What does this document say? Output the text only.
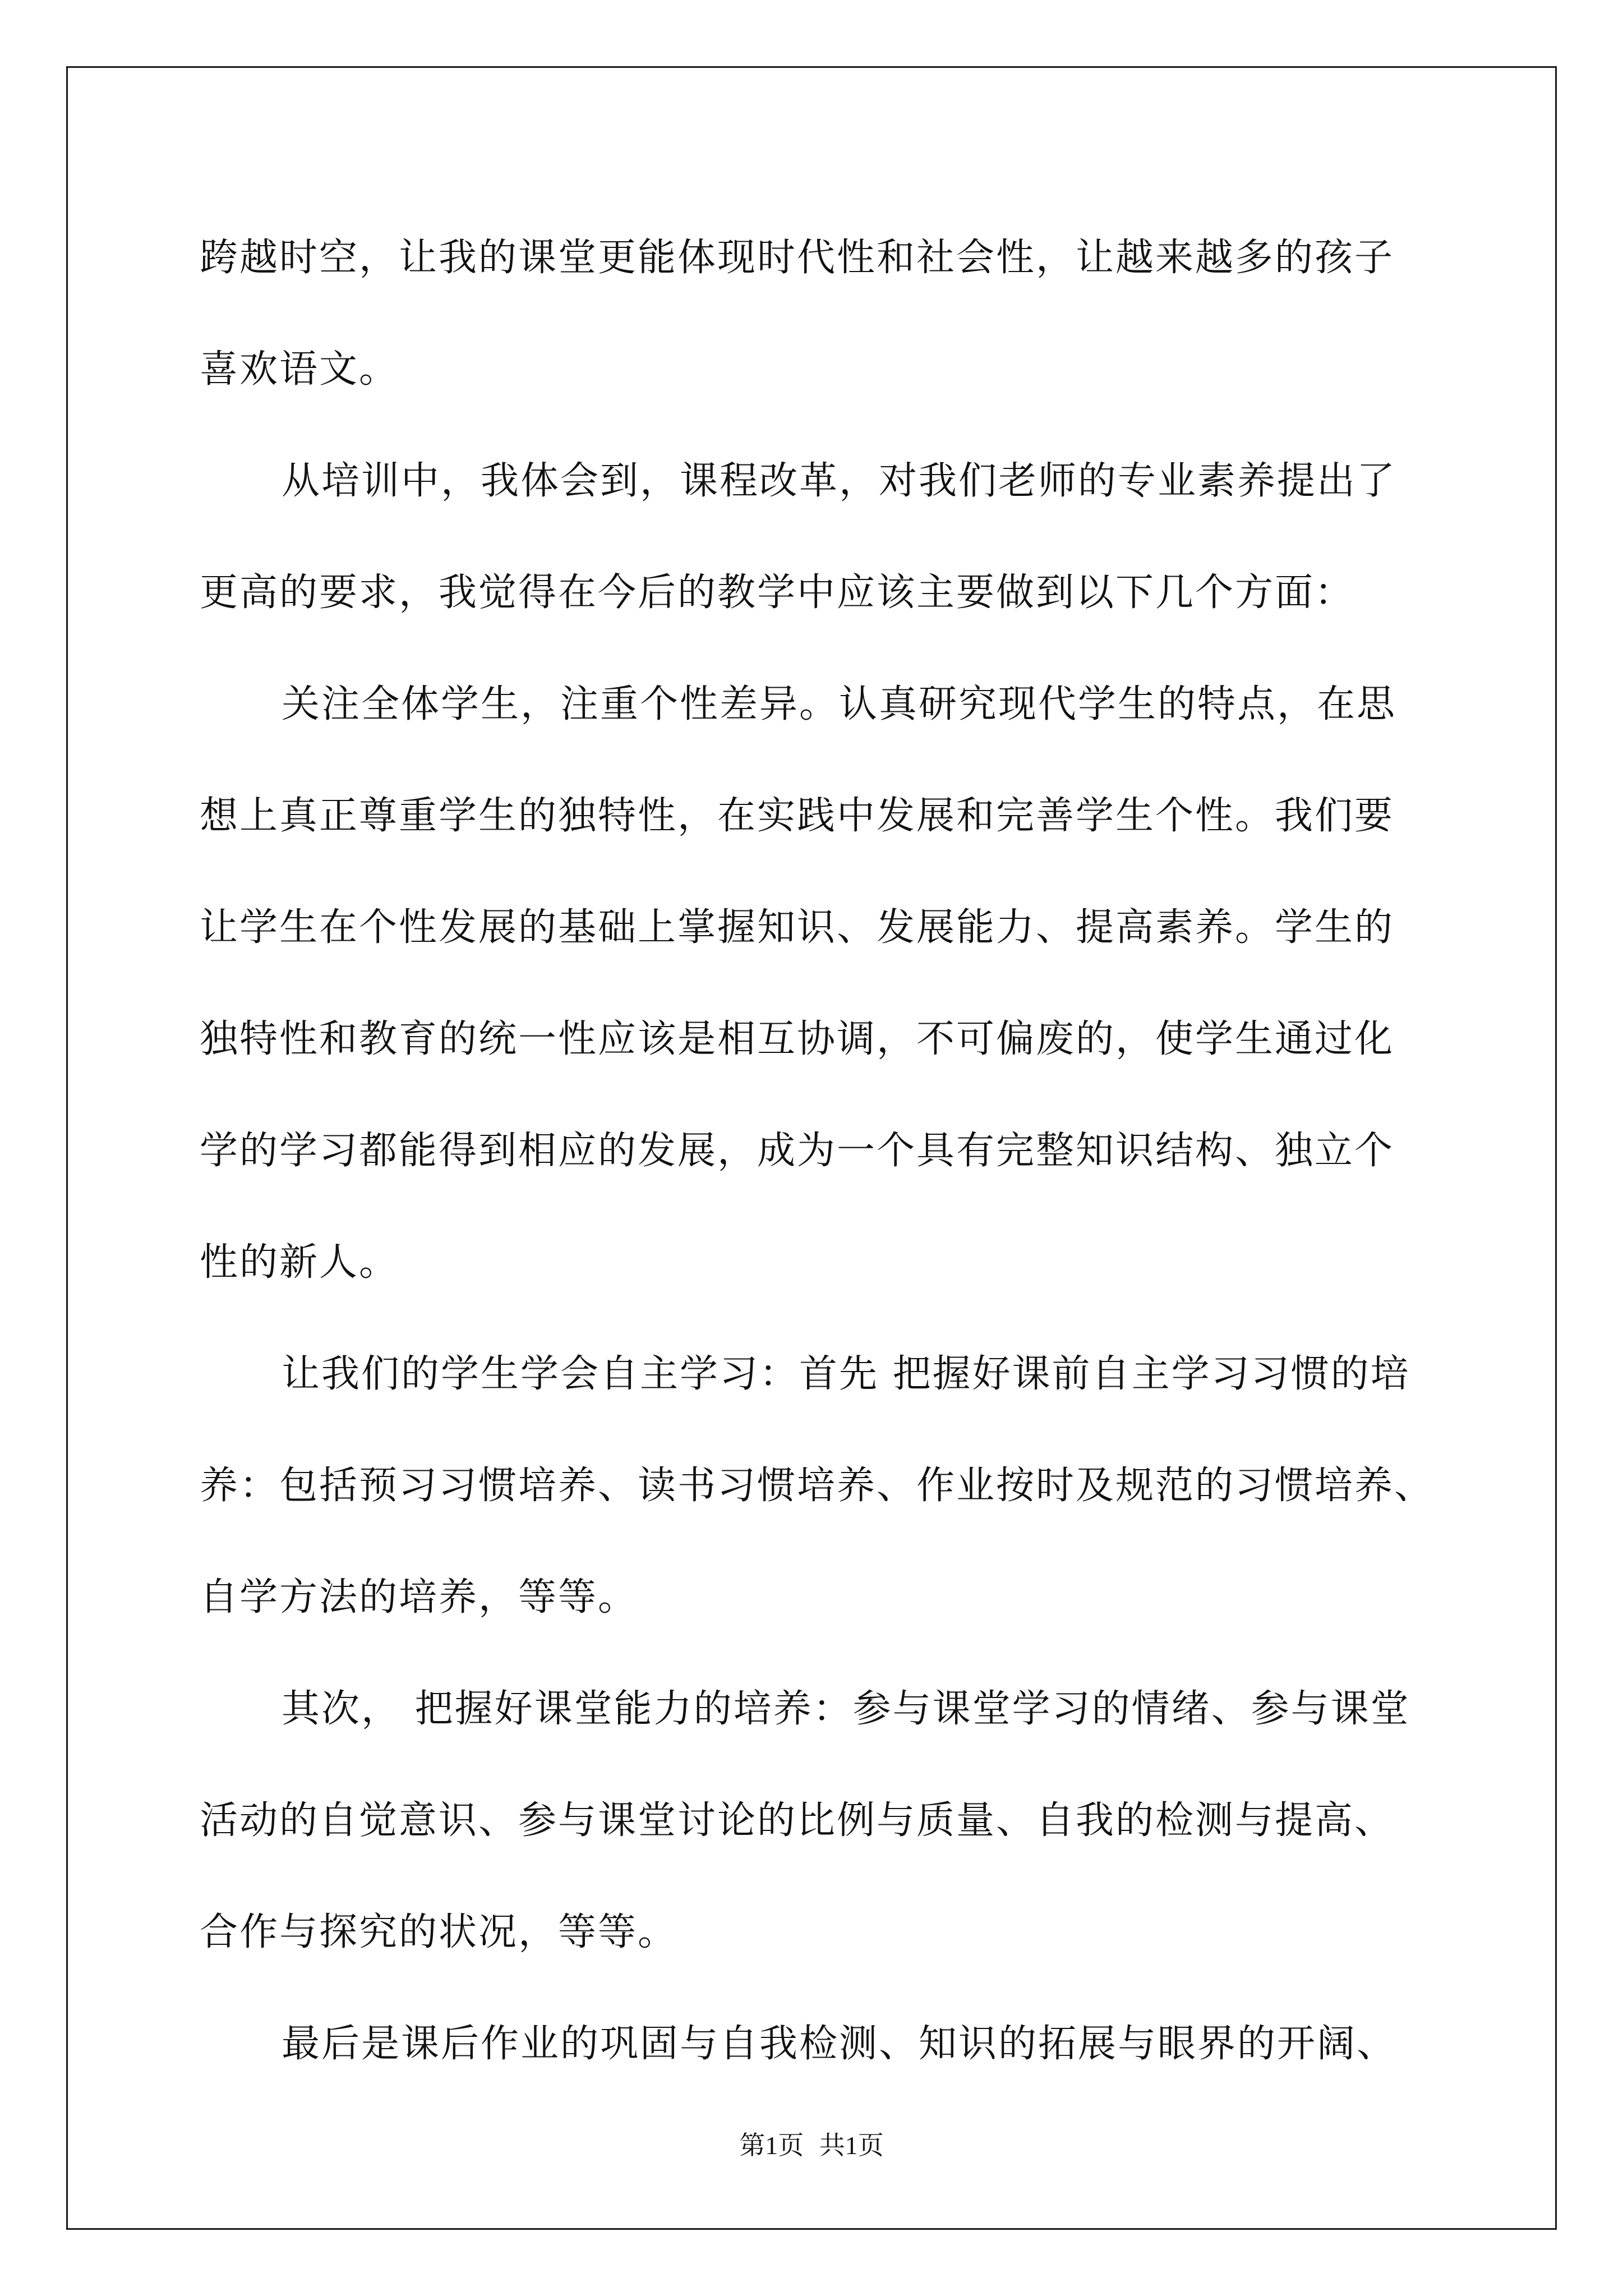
跨越时空，让我的课堂更能体现时代性和社会性，让越来越多的孩子
喜欢语文。

从培训中，我体会到，课程改革，对我们老师的专业素养提出了
更高的要求，我觉得在今后的教学中应该主要做到以下几个方面：

关注全体学生，注重个性差异。认真研究现代学生的特点，在思
想上真正尊重学生的独特性，在实践中发展和完善学生个性。我们要
让学生在个性发展的基础上掌握知识、发展能力、提高素养。学生的
独特性和教育的统一性应该是相互协调，不可偏废的，使学生通过化
学的学习都能得到相应的发展，成为一个具有完整知识结构、独立个
性的新人。

让我们的学生学会自主学习：首先 把握好课前自主学习习惯的培
养：包括预习习惯培养、读书习惯培养、作业按时及规范的习惯培养、
自学方法的培养，等等。

其次， 把握好课堂能力的培养：参与课堂学习的情绪、参与课堂
活动的自觉意识、参与课堂讨论的比例与质量、自我的检测与提高、
合作与探究的状况，等等。

最后是课后作业的巩固与自我检测、知识的拓展与眼界的开阔、

第1页 共1页
